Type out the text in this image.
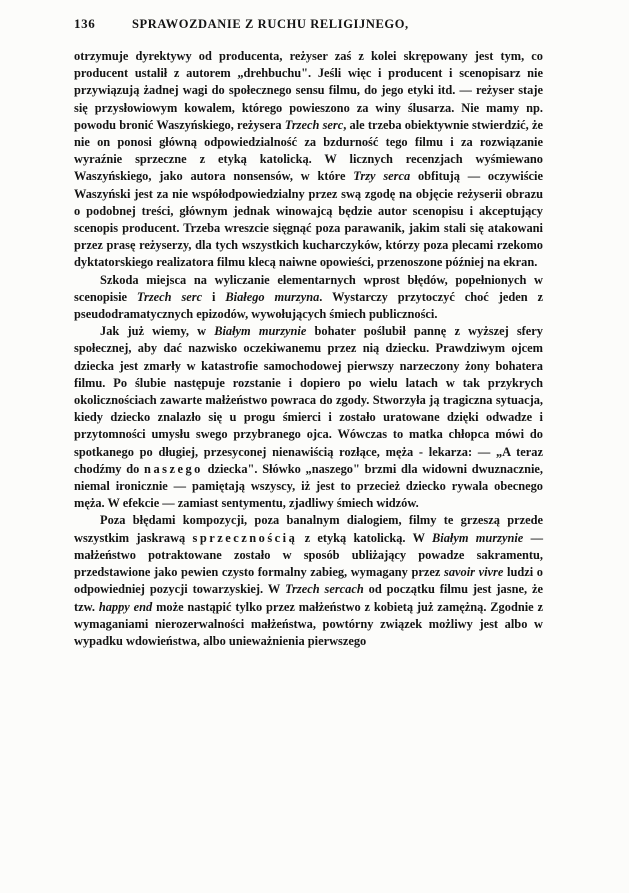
136	SPRAWOZDANIE Z RUCHU RELIGIJNEGO,

otrzymuje dyrektywy od producenta, reżyser zaś z kolei skrępowany jest tym, co producent ustalił z autorem „drehbuchu". Jeśli więc i producent i scenopisarz nie przywiązują żadnej wagi do społecznego sensu filmu, do jego etyki itd. — reżyser staje się przysłowiowym kowalem, którego powieszono za winy ślusarza. Nie mamy np. powodu bronić Waszyńskiego, reżysera Trzech serc, ale trzeba obiektywnie stwierdzić, że nie on ponosi główną odpowiedzialność za bzdurność tego filmu i za rozwiązanie wyraźnie sprzeczne z etyką katolicką. W licznych recenzjach wyśmiewano Waszyńskiego, jako autora nonsensów, w które Trzy serca obfitują — oczywiście Waszyński jest za nie współodpowiedzialny przez swą zgodę na objęcie reżyserii obrazu o podobnej treści, głównym jednak winowajcą będzie autor scenopisu i akceptujący scenopis producent. Trzeba wreszcie sięgnąć poza parawanik, jakim stali się atakowani przez prasę reżyserzy, dla tych wszystkich kucharczyków, którzy poza plecami rzekomo dyktatorskiego realizatora filmu klecą naiwne opowieści, przenoszone później na ekran.

Szkoda miejsca na wyliczanie elementarnych wprost błędów, popełnionych w scenopisie Trzech serc i Białego murzyna. Wystarczy przytoczyć choć jeden z pseudodramatycznych epizodów, wywołujących śmiech publiczności.

Jak już wiemy, w Białym murzynie bohater poślubił pannę z wyższej sfery społecznej, aby dać nazwisko oczekiwanemu przez nią dziecku. Prawdziwym ojcem dziecka jest zmarły w katastrofie samochodowej pierwszy narzeczony żony bohatera filmu. Po ślubie następuje rozstanie i dopiero po wielu latach w tak przykrych okolicznościach zawarte małżeństwo powraca do zgody. Stworzyła ją tragiczna sytuacja, kiedy dziecko znalazło się u progu śmierci i zostało uratowane dzięki odwadze i przytomności umysłu swego przybranego ojca. Wówczas to matka chłopca mówi do spotkanego po długiej, przesyconej nienawiścią rozłące, męża - lekarza: — „A teraz chodźmy do naszego dziecka". Słówko „naszego" brzmi dla widowni dwuznacznie, niemal ironicznie — pamiętają wszyscy, iż jest to przecież dziecko rywala obecnego męża. W efekcie — zamiast sentymentu, zjadliwy śmiech widzów.

Poza błędami kompozycji, poza banalnym dialogiem, filmy te grzeszą przede wszystkim jaskrawą sprzecznością z etyką katolicką. W Białym murzynie — małżeństwo potraktowane zostało w sposób ubliżający powadze sakramentu, przedstawione jako pewien czysto formalny zabieg, wymagany przez savoir vivre ludzi o odpowiedniej pozycji towarzyskiej. W Trzech sercach od początku filmu jest jasne, że tzw. happy end może nastąpić tylko przez małżeństwo z kobietą już zamężną. Zgodnie z wymaganiami nierozerwalności małżeństwa, powtórny związek możliwy jest albo w wypadku wdowieństwa, albo unieważnienia pierwszego
